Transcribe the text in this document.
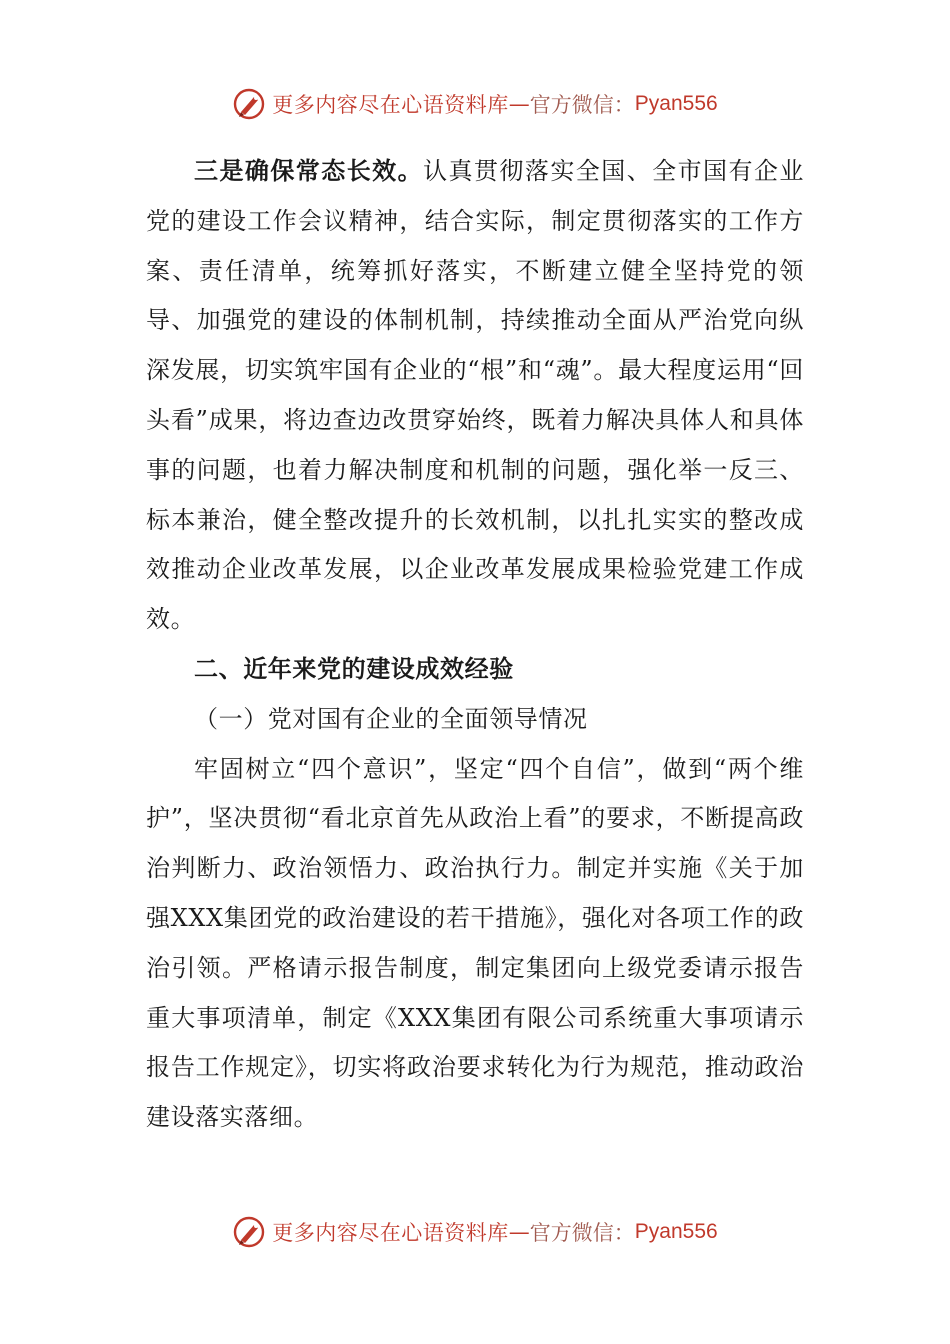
更多内容尽在心语资料库 — 官方微信： Pyan556

三是确保常态长效。认真贯彻落实全国、全市国有企业党的建设工作会议精神，结合实际，制定贯彻落实的工作方案、责任清单，统筹抓好落实，不断建立健全坚持党的领导、加强党的建设的体制机制，持续推动全面从严治党向纵深发展，切实筑牢国有企业的“根”和“魂”。最大程度运用“回头看”成果，将边查边改贯穿始终，既着力解决具体人和具体事的问题，也着力解决制度和机制的问题，强化举一反三、标本兼治，健全整改提升的长效机制，以扎扎实实的整改成效推动企业改革发展，以企业改革发展成果检验党建工作成效。

二、近年来党的建设成效经验

（一）党对国有企业的全面领导情况

牢固树立“四个意识”，坚定“四个自信”，做到“两个维护”，坚决贯彻“看北京首先从政治上看”的要求，不断提高政治判断力、政治领悟力、政治执行力。制定并实施《关于加强XXX集团党的政治建设的若干措施》，强化对各项工作的政治引领。严格请示报告制度，制定集团向上级党委请示报告重大事项清单，制定《XXX集团有限公司系统重大事项请示报告工作规定》，切实将政治要求转化为行为规范，推动政治建设落实落细。

更多内容尽在心语资料库 — 官方微信： Pyan556
